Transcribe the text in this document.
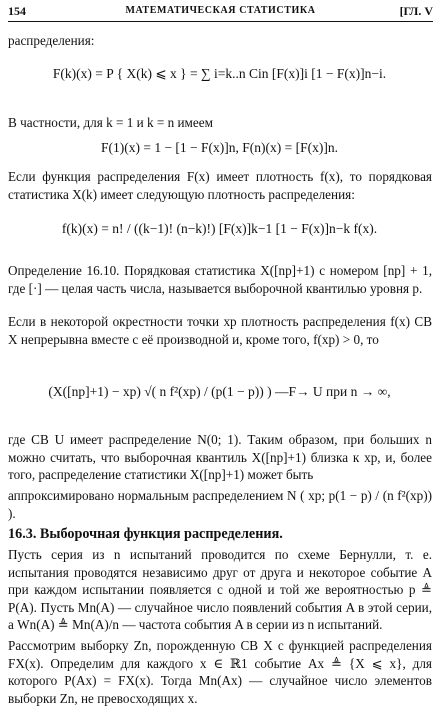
154	МАТЕМАТИЧЕСКАЯ СТАТИСТИКА	[ГЛ. V
распределения:
F(k)(x) = P { X(k) ⩽ x } = ∑ i=k..n Cin [F(x)]i [1 − F(x)]n−i.
В частности, для k = 1 и k = n имеем
F(1)(x) = 1 − [1 − F(x)]n, F(n)(x) = [F(x)]n.
Если функция распределения F(x) имеет плотность f(x), то порядковая статистика X(k) имеет следующую плотность распределения:
f(k)(x) = n! / ((k−1)! (n−k)!) [F(x)]k−1 [1 − F(x)]n−k f(x).
Определение 16.10. Порядковая статистика X([np]+1) с номером [np] + 1, где [·] — целая часть числа, называется выборочной квантилью уровня p.
Если в некоторой окрестности точки xp плотность распределения f(x) СВ X непрерывна вместе с её производной и, кроме того, f(xp) > 0, то
(X([np]+1) − xp) √( n f²(xp) / (p(1 − p)) ) —F→ U при n → ∞,
где СВ U имеет распределение N(0; 1). Таким образом, при больших n можно считать, что выборочная квантиль X([np]+1) близка к xp, и, более того, распределение статистики X([np]+1) может быть
аппроксимировано нормальным распределением N ( xp; p(1 − p) / (n f²(xp)) ).
16.3. Выборочная функция распределения.
Пусть серия из n испытаний проводится по схеме Бернулли, т. е. испытания проводятся независимо друг от друга и некоторое событие A при каждом испытании появляется с одной и той же вероятностью p ≜ P(A). Пусть Mn(A) — случайное число появлений события A в этой серии, а Wn(A) ≜ Mn(A)/n — частота события A в серии из n испытаний.
Рассмотрим выборку Zn, порожденную СВ X с функцией распределения FX(x). Определим для каждого x ∈ ℝ1 событие Ax ≜ {X ⩽ x}, для которого P(Ax) = FX(x). Тогда Mn(Ax) — случайное число элементов выборки Zn, не превосходящих x.
